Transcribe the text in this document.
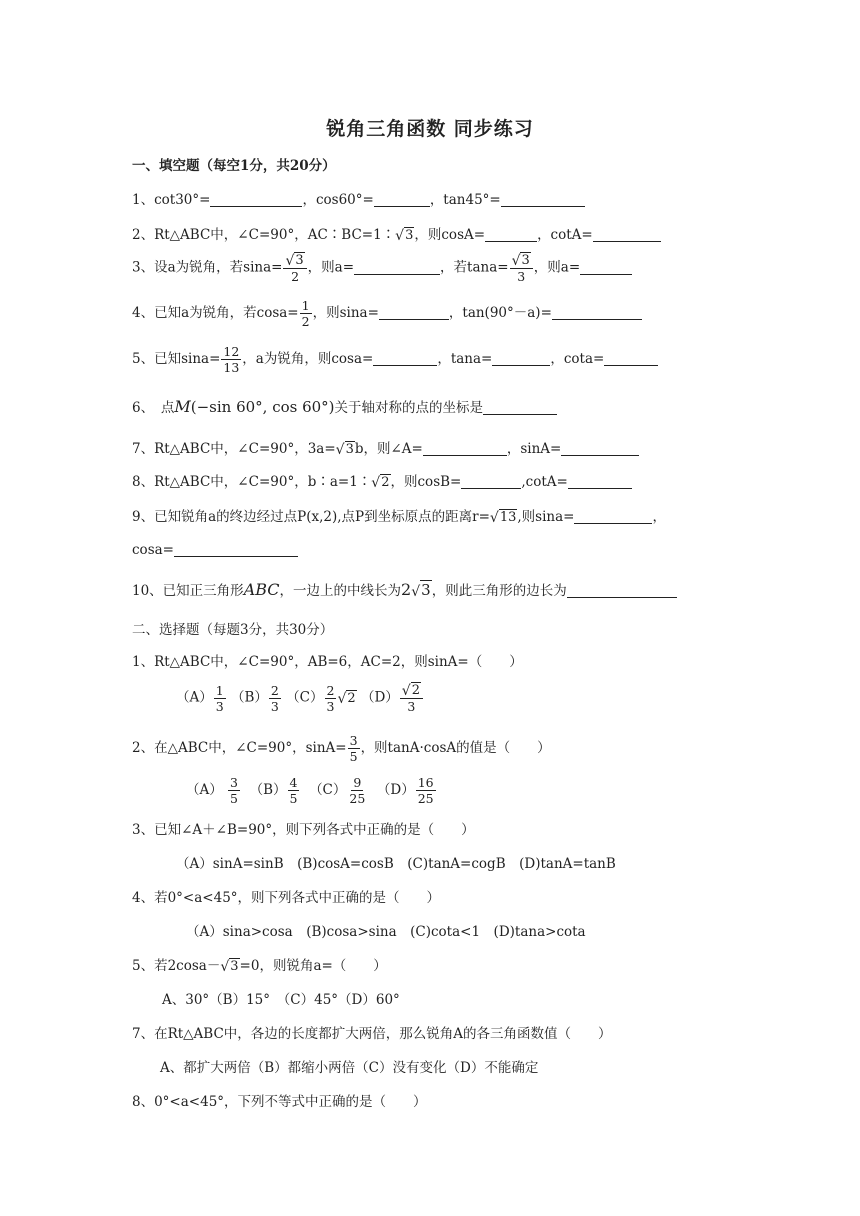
锐角三角函数 同步练习
一、填空题（每空1分，共20分）
1、cot30°=	，cos60°=	，tan45°=
2、Rt△ABC中，∠C=90°，AC∶BC=1∶√3，则cosA=	，cotA=
3、设a为锐角，若$\sin a= \frac{√3}{2}$ ，则a=	，若$\tan a= \frac{√3}{3}$ ，则a=
4、已知a为锐角，若$\cos a= \frac{1}{2}$ ，则sina=	，tan(90°－a)=
5、已知$\sin a= \frac{12}{13}$ ，a为锐角，则cosa=	，tana=	，cota=
6、　点M(−sin 60°, cos 60°)关于轴对称的点的坐标是
7、Rt△ABC中，∠C=90°，3a=√3b，则∠A=	，sinA=
8、Rt△ABC中，∠C=90°，b∶a=1∶√2，则cosB=	,cotA=
9、已知锐角a的终边经过点P(x,2),点P到坐标原点的距离r=√13,则sina=	，
cosa=
10、已知正三角形ABC，一边上的中线长为2√3，则此三角形的边长为
二、选择题（每题3分，共30分）
1、Rt△ABC中，∠C=90°，AB=6，AC=2，则sinA=（　　）
$(A) \frac{1}{3} (B) \frac{2}{3} (C) \frac{2}{3} √2$ $(D) \frac{√2}{3}$
2、在△ABC中，∠C=90°，$\sin A= \frac{3}{5}$ ，则tanA·cosA的值是（　　）
$(A) \frac{3}{5} (B) \frac{4}{5} (C) \frac{9}{25} (D) \frac{16}{25}$
3、已知∠A＋∠B=90°，则下列各式中正确的是（　　）
（A）sinA=sinB　(B)cosA=cosB　(C)tanA=cogB　(D)tanA=tanB
4、若0°<a<45°，则下列各式中正确的是（　　）
（A）sina>cosa　(B)cosa>sina　(C)cota<1　(D)tana>cota
5、若2cosa－√3=0，则锐角a=（　　）
A、30°（B）15°　（C）45°（D）60°
7、在Rt△ABC中，各边的长度都扩大两倍，那么锐角A的各三角函数值（　　）
A、都扩大两倍（B）都缩小两倍（C）没有变化（D）不能确定
8、0°<a<45°，下列不等式中正确的是（　　）
